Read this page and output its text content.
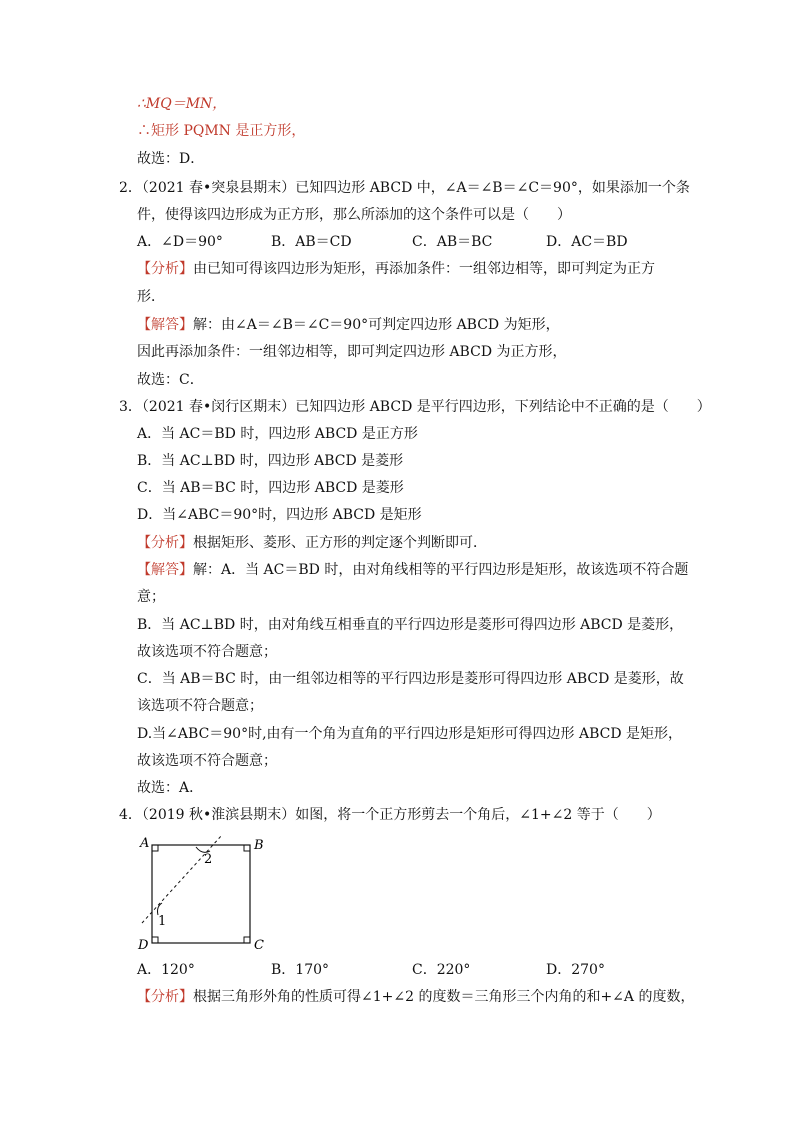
∴MQ＝MN，
∴矩形 PQMN 是正方形，
故选：D．
2．（2021 春•突泉县期末）已知四边形 ABCD 中，∠A＝∠B＝∠C＝90°，如果添加一个条
件，使得该四边形成为正方形，那么所添加的这个条件可以是（　　）
A．∠D＝90°	B．AB＝CD	C．AB＝BC	D．AC＝BD
【分析】由已知可得该四边形为矩形，再添加条件：一组邻边相等，即可判定为正方
形．
【解答】解：由∠A＝∠B＝∠C＝90°可判定四边形 ABCD 为矩形，
因此再添加条件：一组邻边相等，即可判定四边形 ABCD 为正方形，
故选：C．
3．（2021 春•闵行区期末）已知四边形 ABCD 是平行四边形，下列结论中不正确的是（　　）
A．当 AC＝BD 时，四边形 ABCD 是正方形
B．当 AC⊥BD 时，四边形 ABCD 是菱形
C．当 AB＝BC 时，四边形 ABCD 是菱形
D．当∠ABC＝90°时，四边形 ABCD 是矩形
【分析】根据矩形、菱形、正方形的判定逐个判断即可．
【解答】解：A．当 AC＝BD 时，由对角线相等的平行四边形是矩形，故该选项不符合题
意；
B．当 AC⊥BD 时，由对角线互相垂直的平行四边形是菱形可得四边形 ABCD 是菱形，
故该选项不符合题意；
C．当 AB＝BC 时，由一组邻边相等的平行四边形是菱形可得四边形 ABCD 是菱形，故
该选项不符合题意；
D.当∠ABC＝90°时,由有一个角为直角的平行四边形是矩形可得四边形 ABCD 是矩形，
故该选项不符合题意；
故选：A．
4．（2019 秋•淮滨县期末）如图，将一个正方形剪去一个角后，∠1+∠2 等于（　　）
A	B
C
D
1
2
A．120°	B．170°	C．220°	D．270°
【分析】根据三角形外角的性质可得∠1+∠2 的度数＝三角形三个内角的和+∠A 的度数，
